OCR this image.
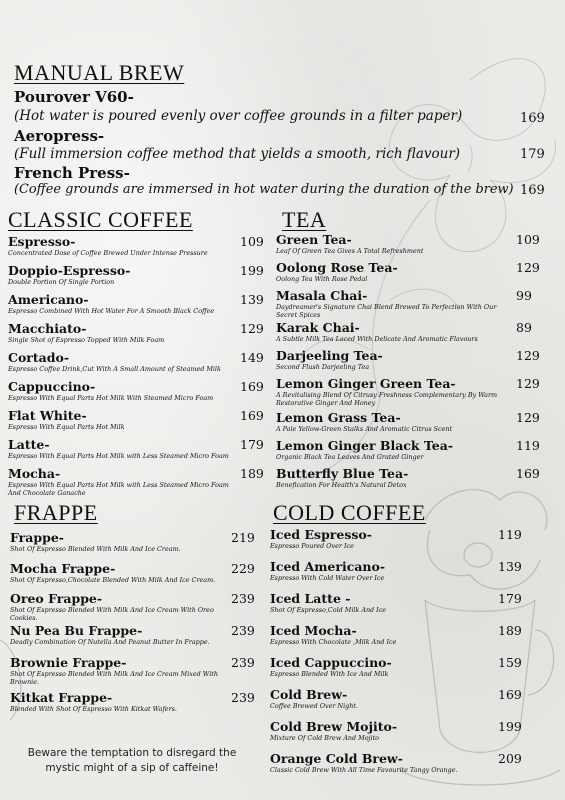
MANUAL BREW
Pourover V60-
(Hot water is poured evenly over coffee grounds in a filter paper)	169
Aeropress-
(Full immersion coffee method that yields a smooth, rich flavour)	179
French Press-
(Coffee grounds are immersed in hot water during the duration of the brew) 169
CLASSIC COFFEE
Espresso-
Concentrated Dose of Coffee Brewed Under Intense Pressure
109
Doppio-Espresso-
Double Portion Of Single Portion
199
Americano-
Espresso Combined With Hot Water For A Smooth Black Coffee
139
Macchiato-
Single Shot of Espresso Topped With Milk Foam
129
Cortado-
Espresso Coffee Drink,Cut With A Small Amount of Steamed Milk
149
Cappuccino-
Espresso With Equal Parts Hot Milk With Steamed Micro Foam
169
Flat White-
Espresso With Equal Parts Hot Milk
169
Latte-
Espresso With Equal Parts Hot Milk with Less Steamed Micro Foam
179
Mocha-
Espresso With Equal Parts Hot Milk with Less Steamed Micro Foam And Chocolate Ganache
189
TEA
Green Tea-
Leaf Of Green Tea Gives A Total Refreshment
109
Oolong Rose Tea-
Oolong Tea With Rose Pedal
129
Masala Chai-
Daydreamer's Signature Chai Blend Brewed To Perfection With Our Secret Spices
99
Karak Chai-
A Subtle Milk Tea Laced With Delicate And Aromatic Flavours
89
Darjeeling Tea-
Second Flush Darjeeling Tea
129
Lemon Ginger Green Tea-
A Revitalising Blend Of Citrusy Freshness Complementary By Warm Restorative Ginger And Honey
129
Lemon Grass Tea-
A Pale Yellow-Green Stalks And Aromatic Citrus Scent
129
Lemon Ginger Black Tea-
Organic Black Tea Leaves And Grated Ginger
119
Butterfly Blue Tea-
Benefication For Health's Natural Detox
169
FRAPPE
Frappe-
Shot Of Espresso Blended With Milk And Ice Cream.
219
Mocha Frappe-
Shot Of Espresso,Chocolate Blended With Milk And Ice Cream.
229
Oreo Frappe-
Shot Of Espresso Blended With Milk And Ice Cream With Oreo Cookies.
239
Nu Pea Bu Frappe-
Deadly Combination Of Nutella And Peanut Butter In Frappe.
239
Brownie Frappe-
Shot Of Espresso Blended With Milk And Ice Cream Mixed With Brownie.
239
Kitkat Frappe-
Blended With Shot Of Espresso With Kitkat Wafers.
239
COLD COFFEE
Iced Espresso-
Espresso Poured Over Ice
119
Iced Americano-
Espresso With Cold Water Over Ice
139
Iced Latte -
Shot Of Espresso,Cold Milk And Ice
179
Iced Mocha-
Espresso With Chocolate ,Milk And Ice
189
Iced Cappuccino-
Espresso Blended With Ice And Milk
159
Cold Brew-
Coffee Brewed Over Night.
169
Cold Brew Mojito-
Mixture Of Cold Brew And Mojito
199
Orange Cold Brew-
Classic Cold Brew With All Time Favourite Tangy Orange.
209
Beware the temptation to disregard the
mystic might of a sip of caffeine!
